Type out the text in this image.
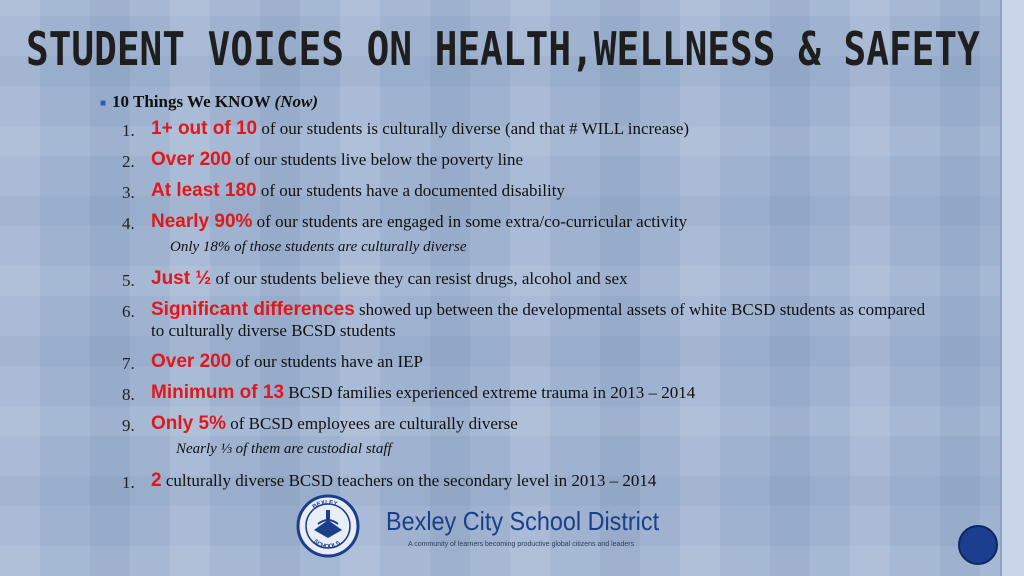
STUDENT VOICES ON HEALTH,WELLNESS & SAFETY
■ 10 Things We KNOW (Now)
1. 1+ out of 10 of our students is culturally diverse (and that # WILL increase)
2. Over 200 of our students live below the poverty line
3. At least 180 of our students have a documented disability
4. Nearly 90% of our students are engaged in some extra/co-curricular activity
Only 18% of those students are culturally diverse
5. Just ½ of our students believe they can resist drugs, alcohol and sex
6. Significant differences showed up between the developmental assets of white BCSD students as compared to culturally diverse BCSD students
7. Over 200 of our students have an IEP
8. Minimum of 13 BCSD families experienced extreme trauma in 2013 – 2014
9. Only 5% of BCSD employees are culturally diverse
Nearly ⅓ of them are custodial staff
1. 2 culturally diverse BCSD teachers on the secondary level in 2013 – 2014
BEXLEY
SCHOOLS
Bexley City School District
A community of learners becoming productive global citizens and leaders
